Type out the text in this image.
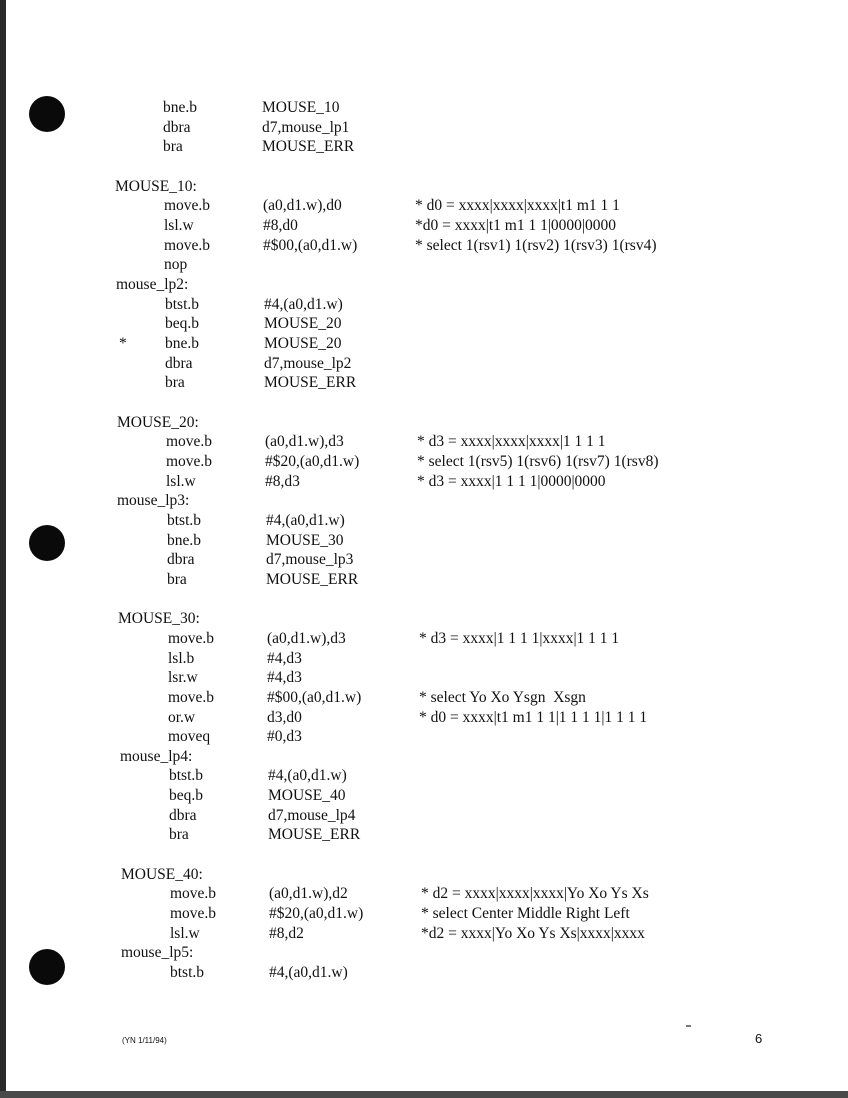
bne.b	MOUSE_10
dbra	d7,mouse_lp1
bra	MOUSE_ERR
MOUSE_10:
move.b	(a0,d1.w),d0	* d0 = xxxx|xxxx|xxxx|t1 m1 1 1
lsl.w	#8,d0	*d0 = xxxx|t1 m1 1 1|0000|0000
move.b	#$00,(a0,d1.w)	* select 1(rsv1) 1(rsv2) 1(rsv3) 1(rsv4)
nop
mouse_lp2:
btst.b	#4,(a0,d1.w)
beq.b	MOUSE_20
* bne.b	MOUSE_20
dbra	d7,mouse_lp2
bra	MOUSE_ERR
MOUSE_20:
move.b	(a0,d1.w),d3	* d3 = xxxx|xxxx|xxxx|1 1 1 1
move.b	#$20,(a0,d1.w)	* select 1(rsv5) 1(rsv6) 1(rsv7) 1(rsv8)
lsl.w	#8,d3	* d3 = xxxx|1 1 1 1|0000|0000
mouse_lp3:
btst.b	#4,(a0,d1.w)
bne.b	MOUSE_30
dbra	d7,mouse_lp3
bra	MOUSE_ERR
MOUSE_30:
move.b	(a0,d1.w),d3	* d3 = xxxx|1 1 1 1|xxxx|1 1 1 1
lsl.b	#4,d3
lsr.w	#4,d3
move.b	#$00,(a0,d1.w)	* select Yo Xo Ysgn  Xsgn
or.w	d3,d0	* d0 = xxxx|t1 m1 1 1|1 1 1 1|1 1 1 1
moveq	#0,d3
mouse_lp4:
btst.b	#4,(a0,d1.w)
beq.b	MOUSE_40
dbra	d7,mouse_lp4
bra	MOUSE_ERR
MOUSE_40:
move.b	(a0,d1.w),d2	* d2 = xxxx|xxxx|xxxx|Yo Xo Ys Xs
move.b	#$20,(a0,d1.w)	* select Center Middle Right Left
lsl.w	#8,d2	*d2 = xxxx|Yo Xo Ys Xs|xxxx|xxxx
mouse_lp5:
btst.b	#4,(a0,d1.w)
(YN 1/11/94)	6
